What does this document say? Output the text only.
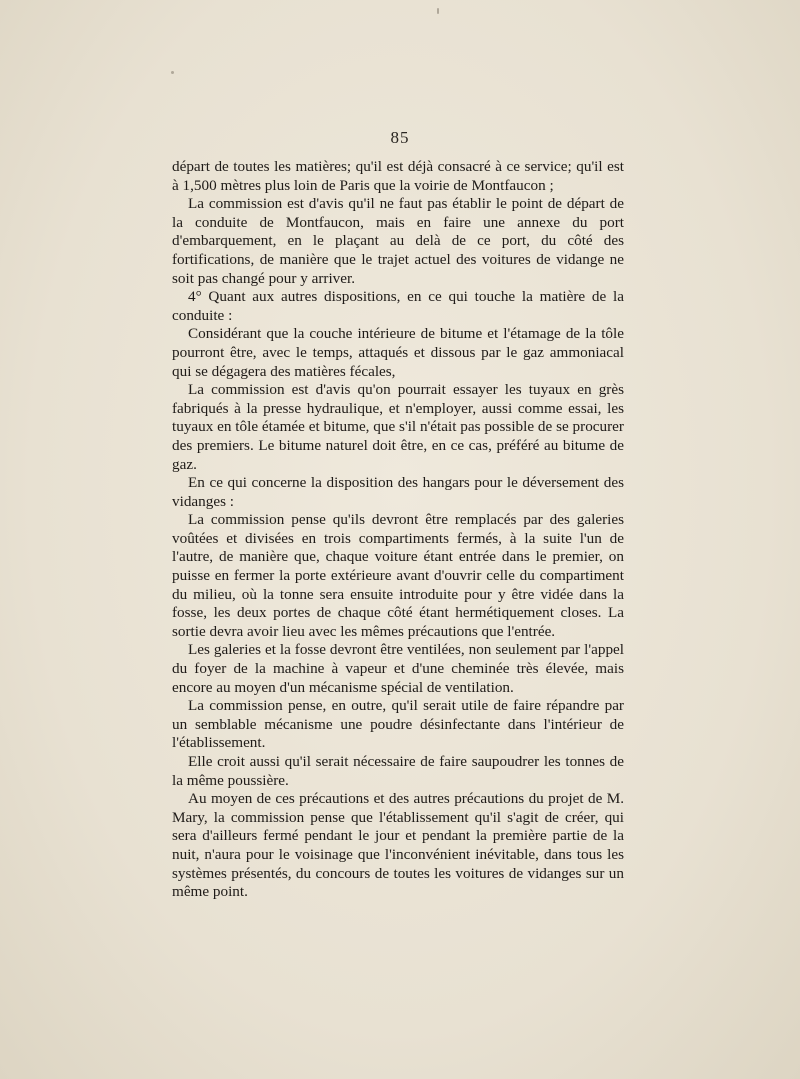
85

départ de toutes les matières; qu'il est déjà consacré à ce service; qu'il est à 1,500 mètres plus loin de Paris que la voirie de Montfaucon ;

La commission est d'avis qu'il ne faut pas établir le point de départ de la conduite de Montfaucon, mais en faire une annexe du port d'embarquement, en le plaçant au delà de ce port, du côté des fortifications, de manière que le trajet actuel des voitures de vidange ne soit pas changé pour y arriver.

4° Quant aux autres dispositions, en ce qui touche la matière de la conduite :

Considérant que la couche intérieure de bitume et l'étamage de la tôle pourront être, avec le temps, attaqués et dissous par le gaz ammoniacal qui se dégagera des matières fécales,

La commission est d'avis qu'on pourrait essayer les tuyaux en grès fabriqués à la presse hydraulique, et n'employer, aussi comme essai, les tuyaux en tôle étamée et bitume, que s'il n'était pas possible de se procurer des premiers. Le bitume naturel doit être, en ce cas, préféré au bitume de gaz.

En ce qui concerne la disposition des hangars pour le déversement des vidanges :

La commission pense qu'ils devront être remplacés par des galeries voûtées et divisées en trois compartiments fermés, à la suite l'un de l'autre, de manière que, chaque voiture étant entrée dans le premier, on puisse en fermer la porte extérieure avant d'ouvrir celle du compartiment du milieu, où la tonne sera ensuite introduite pour y être vidée dans la fosse, les deux portes de chaque côté étant hermétiquement closes. La sortie devra avoir lieu avec les mêmes précautions que l'entrée.

Les galeries et la fosse devront être ventilées, non seulement par l'appel du foyer de la machine à vapeur et d'une cheminée très élevée, mais encore au moyen d'un mécanisme spécial de ventilation.

La commission pense, en outre, qu'il serait utile de faire répandre par un semblable mécanisme une poudre désinfectante dans l'intérieur de l'établissement.

Elle croit aussi qu'il serait nécessaire de faire saupoudrer les tonnes de la même poussière.

Au moyen de ces précautions et des autres précautions du projet de M. Mary, la commission pense que l'établissement qu'il s'agit de créer, qui sera d'ailleurs fermé pendant le jour et pendant la première partie de la nuit, n'aura pour le voisinage que l'inconvénient inévitable, dans tous les systèmes présentés, du concours de toutes les voitures de vidanges sur un même point.
